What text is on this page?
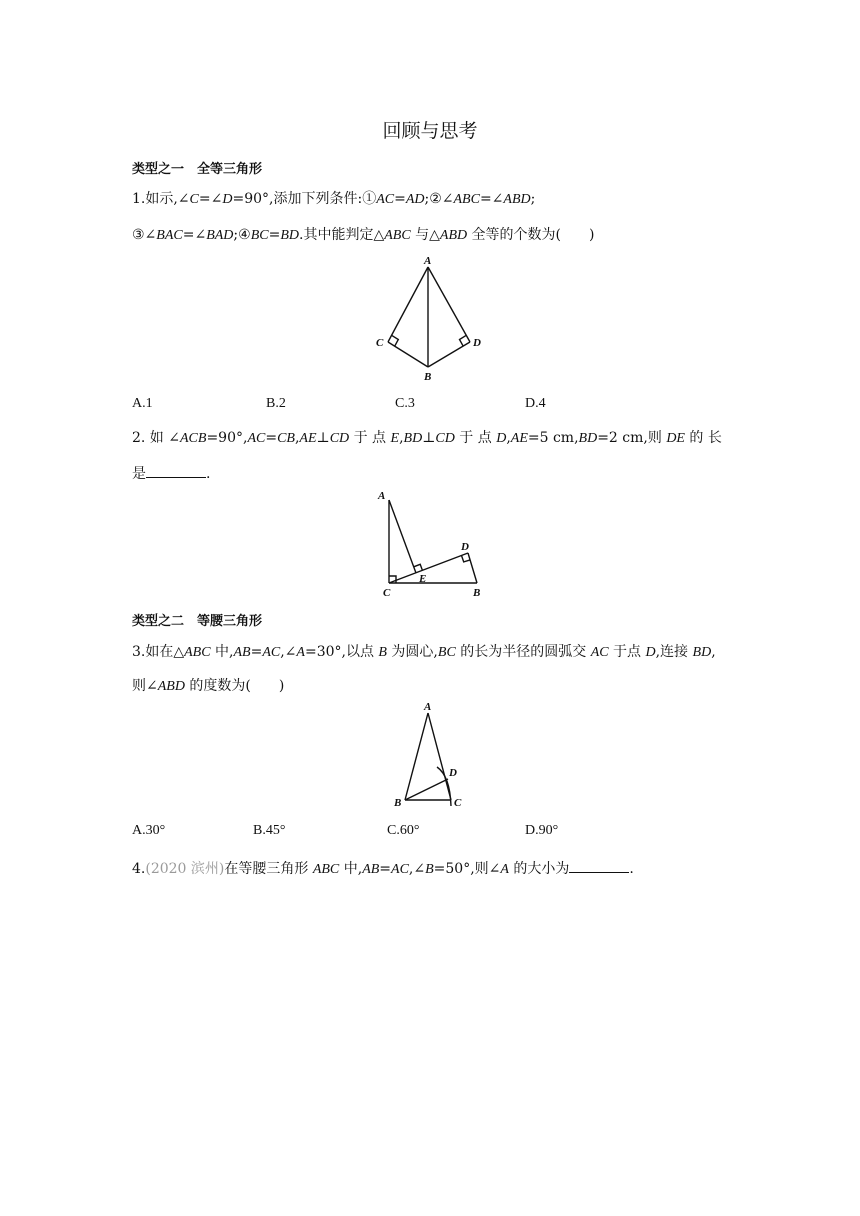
回顾与思考
类型之一　全等三角形
1.如示,∠C=∠D=90°,添加下列条件:①AC=AD;②∠ABC=∠ABD;
③∠BAC=∠BAD;④BC=BD.其中能判定△ABC 与△ABD 全等的个数为(　　)
A
B
C	D
A.1	B.2	C.3	D.4
2. 如 ∠ACB=90°,AC=CB,AE⊥CD 于 点 E,BD⊥CD 于 点 D,AE=5 cm,BD=2 cm,则 DE 的 长
是	.
A
B
C
D
E
类型之二　等腰三角形
3.如在△ABC 中,AB=AC,∠A=30°,以点 B 为圆心,BC 的长为半径的圆弧交 AC 于点 D,连接 BD,
则∠ABD 的度数为(　　)
A
B	C
D
A.30°	B.45°	C.60°	D.90°
4.(2020 滨州)在等腰三角形 ABC 中,AB=AC,∠B=50°,则∠A 的大小为	.
